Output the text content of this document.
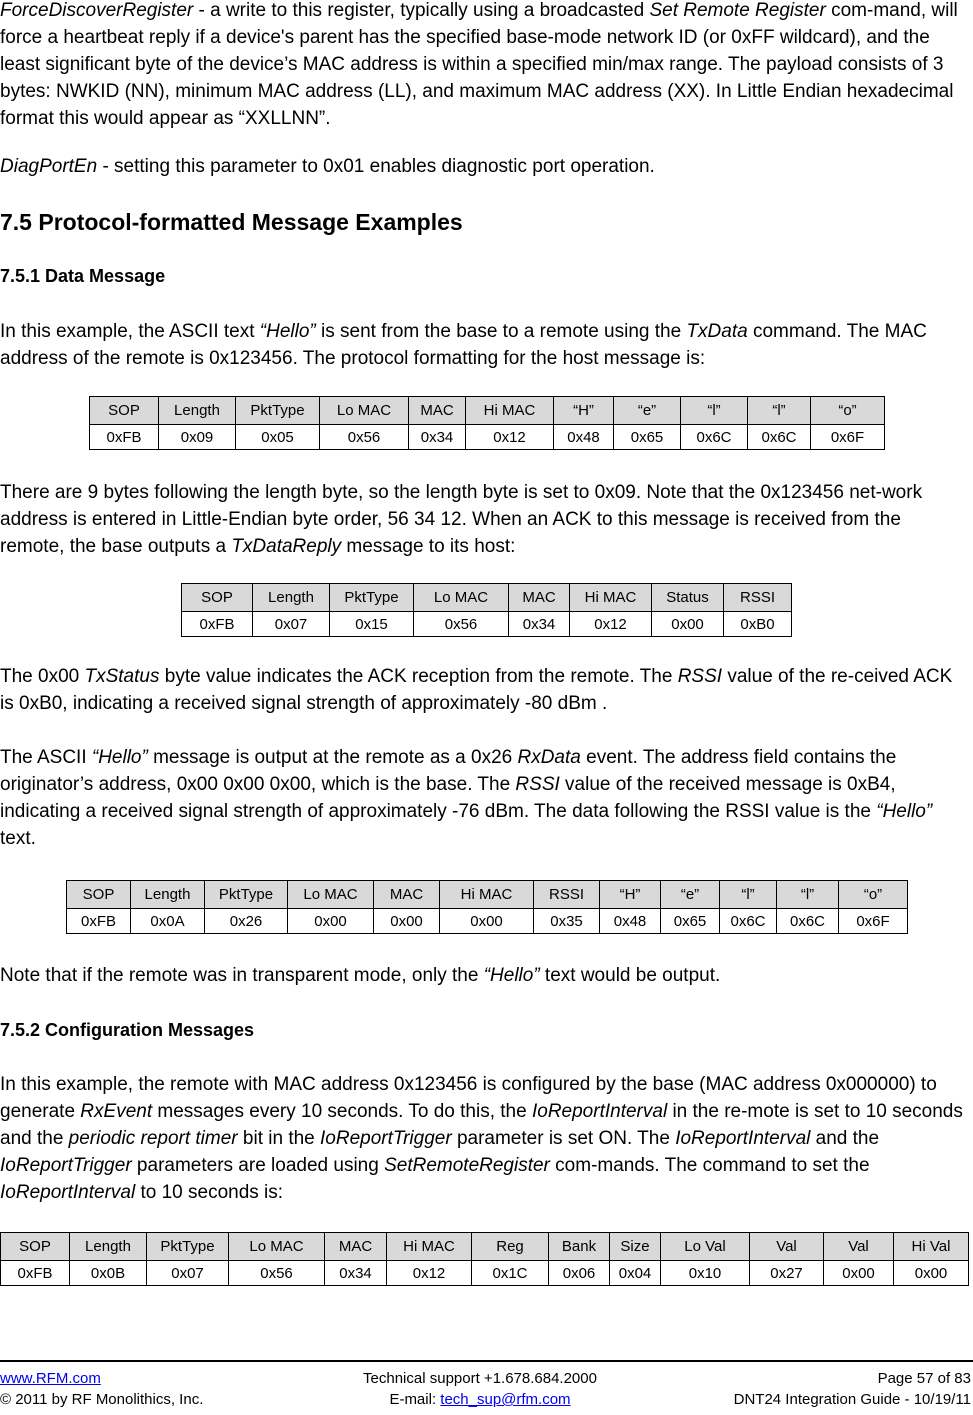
ForceDiscoverRegister - a write to this register, typically using a broadcasted Set Remote Register com-mand, will force a heartbeat reply if a device's parent has the specified base-mode network ID (or 0xFF wildcard), and the least significant byte of the device’s MAC address is within a specified min/max range. The payload consists of 3 bytes: NWKID (NN), minimum MAC address (LL), and maximum MAC address (XX). In Little Endian hexadecimal format this would appear as “XXLLNN”.

DiagPortEn - setting this parameter to 0x01 enables diagnostic port operation.

7.5 Protocol-formatted Message Examples
7.5.1 Data Message

In this example, the ASCII text “Hello” is sent from the base to a remote using the TxData command. The MAC address of the remote is 0x123456. The protocol formatting for the host message is:

SOP	Length	PktType	Lo MAC	MAC	Hi MAC	“H”	“e”	“l”	“l”	“o”
0xFB	0x09	0x05	0x56	0x34	0x12	0x48	0x65	0x6C	0x6C	0x6F

There are 9 bytes following the length byte, so the length byte is set to 0x09. Note that the 0x123456 net-work address is entered in Little-Endian byte order, 56 34 12. When an ACK to this message is received from the remote, the base outputs a TxDataReply message to its host:

SOP	Length	PktType	Lo MAC	MAC	Hi MAC	Status	RSSI
0xFB	0x07	0x15	0x56	0x34	0x12	0x00	0xB0

The 0x00 TxStatus byte value indicates the ACK reception from the remote. The RSSI value of the re-ceived ACK is 0xB0, indicating a received signal strength of approximately -80 dBm .

The ASCII “Hello” message is output at the remote as a 0x26 RxData event. The address field contains the originator’s address, 0x00 0x00 0x00, which is the base. The RSSI value of the received message is 0xB4, indicating a received signal strength of approximately -76 dBm. The data following the RSSI value is the “Hello” text.

SOP	Length	PktType	Lo MAC	MAC	Hi MAC	RSSI	“H”	“e”	“l”	“l”	“o”
0xFB	0x0A	0x26	0x00	0x00	0x00	0x35	0x48	0x65	0x6C	0x6C	0x6F

Note that if the remote was in transparent mode, only the “Hello” text would be output.

7.5.2 Configuration Messages

In this example, the remote with MAC address 0x123456 is configured by the base (MAC address 0x000000) to generate RxEvent messages every 10 seconds. To do this, the IoReportInterval in the re-mote is set to 10 seconds and the periodic report timer bit in the IoReportTrigger parameter is set ON. The IoReportInterval and the IoReportTrigger parameters are loaded using SetRemoteRegister com-mands. The command to set the IoReportInterval to 10 seconds is:

SOP	Length	PktType	Lo MAC	MAC	Hi MAC	Reg	Bank	Size	Lo Val	Val	Val	Hi Val
0xFB	0x0B	0x07	0x56	0x34	0x12	0x1C	0x06	0x04	0x10	0x27	0x00	0x00

www.RFM.com

© 2011 by RF Monolithics, Inc.

Technical support +1.678.684.2000

E-mail: tech_sup@rfm.com

Page 57 of 83

DNT24 Integration Guide - 10/19/11
